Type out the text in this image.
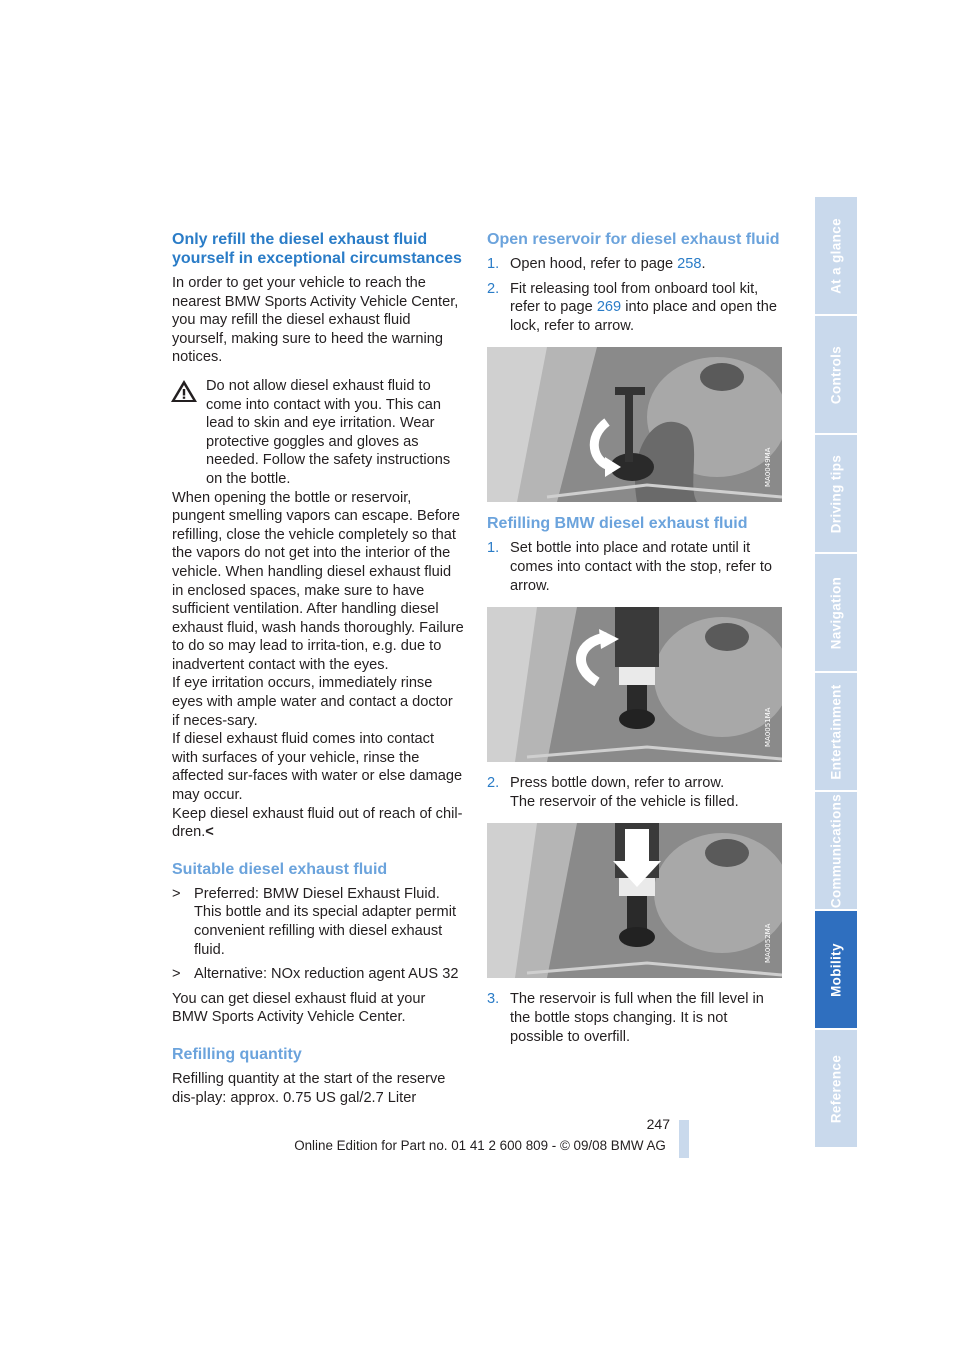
Only refill the diesel exhaust fluid yourself in exceptional circumstances

In order to get your vehicle to reach the nearest BMW Sports Activity Vehicle Center, you may refill the diesel exhaust fluid yourself, making sure to heed the warning notices.

Do not allow diesel exhaust fluid to come into contact with you. This can lead to skin and eye irritation. Wear protective goggles and gloves as needed. Follow the safety instructions on the bottle.

When opening the bottle or reservoir, pungent smelling vapors can escape. Before refilling, close the vehicle completely so that the vapors do not get into the interior of the vehicle. When handling diesel exhaust fluid in enclosed spaces, make sure to have sufficient ventilation. After handling diesel exhaust fluid, wash hands thoroughly. Failure to do so may lead to irrita-tion, e.g. due to inadvertent contact with the eyes.

If eye irritation occurs, immediately rinse eyes with ample water and contact a doctor if neces-sary.

If diesel exhaust fluid comes into contact with surfaces of your vehicle, rinse the affected sur-faces with water or else damage may occur.

Keep diesel exhaust fluid out of reach of chil-dren.<

Suitable diesel exhaust fluid
> Preferred: BMW Diesel Exhaust Fluid. This bottle and its special adapter permit convenient refilling with diesel exhaust fluid.
> Alternative: NOx reduction agent AUS 32

You can get diesel exhaust fluid at your BMW Sports Activity Vehicle Center.

Refilling quantity

Refilling quantity at the start of the reserve dis-play: approx. 0.75 US gal/2.7 Liter

Open reservoir for diesel exhaust fluid
1. Open hood, refer to page 258.
2. Fit releasing tool from onboard tool kit, refer to page 269 into place and open the lock, refer to arrow.
MA0049MA
Refilling BMW diesel exhaust fluid
1. Set bottle into place and rotate until it comes into contact with the stop, refer to arrow.
MA0051MA
2. Press bottle down, refer to arrow.
The reservoir of the vehicle is filled.
MA0052MA
3. The reservoir is full when the fill level in the bottle stops changing. It is not possible to overfill.
At a glance
Controls
Driving tips
Navigation
Entertainment
Communications
Mobility
Reference
247
Online Edition for Part no. 01 41 2 600 809 - © 09/08 BMW AG
